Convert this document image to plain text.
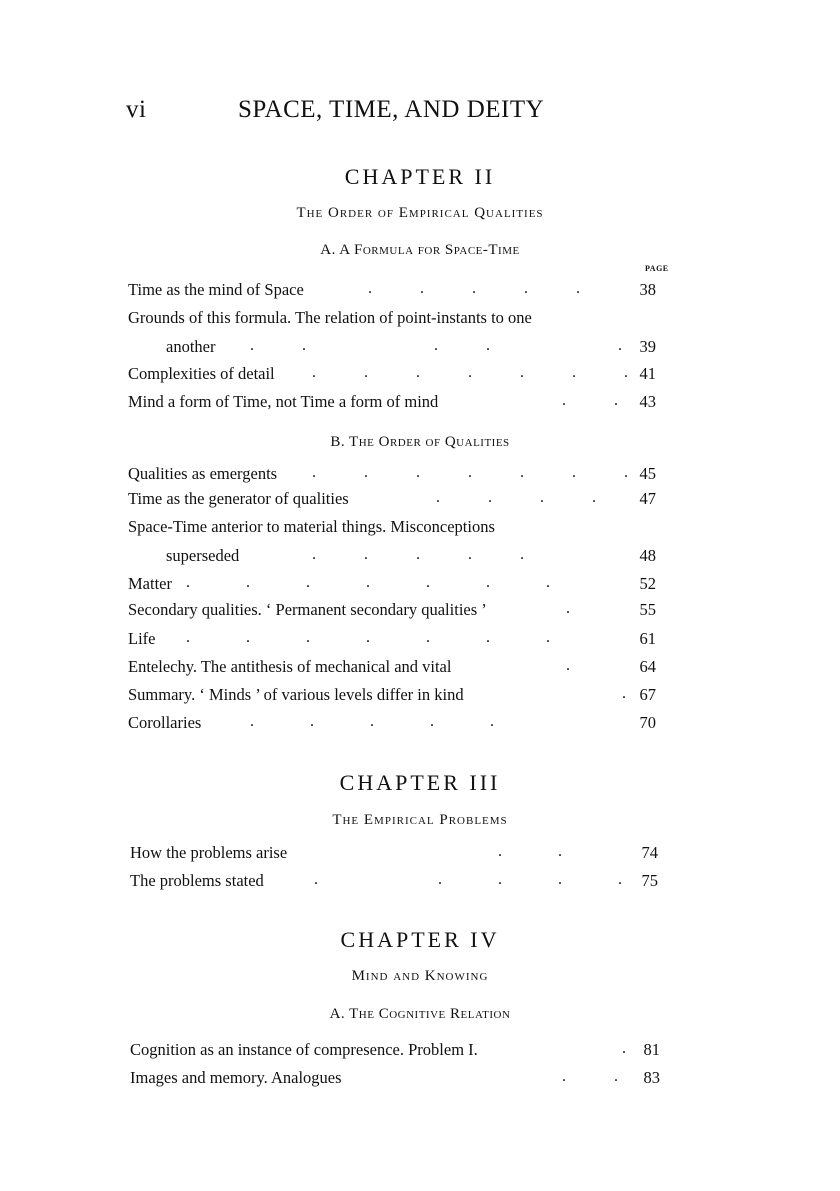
vi	SPACE, TIME, AND DEITY
CHAPTER II
The Order of Empirical Qualities
A. A Formula for Space-Time
PAGE
Time as the mind of Space	.            .            .            .            .	38
Grounds of this formula. The relation of point-instants to one
another .            .                                .            .                                .	39
Complexities of detail .            .            .            .            .            .            . 41
Mind a form of Time, not Time a form of mind	.            .	43
B. The Order of Qualities
Qualities as emergents .            .            .            .            .            .            . 45
Time as the generator of qualities	.            .            .            .	47
Space-Time anterior to material things. Misconceptions
superseded	.            .            .            .            .	48
Matter .              .              .              .              .              .              .	52
Secondary qualities. ‘ Permanent secondary qualities ’	.	55
Life .              .              .              .              .              .              .	61
Entelechy. The antithesis of mechanical and vital	.	64
Summary. ‘ Minds ’ of various levels differ in kind	. 67
Corollaries	.              .              .              .              .	70
CHAPTER III
The Empirical Problems
How the problems arise	.              .	74
The problems stated	.                              .              .              .              .	75
CHAPTER IV
Mind and Knowing
A. The Cognitive Relation
Cognition as an instance of compresence. Problem I.	.	81
Images and memory. Analogues	.            .	83
